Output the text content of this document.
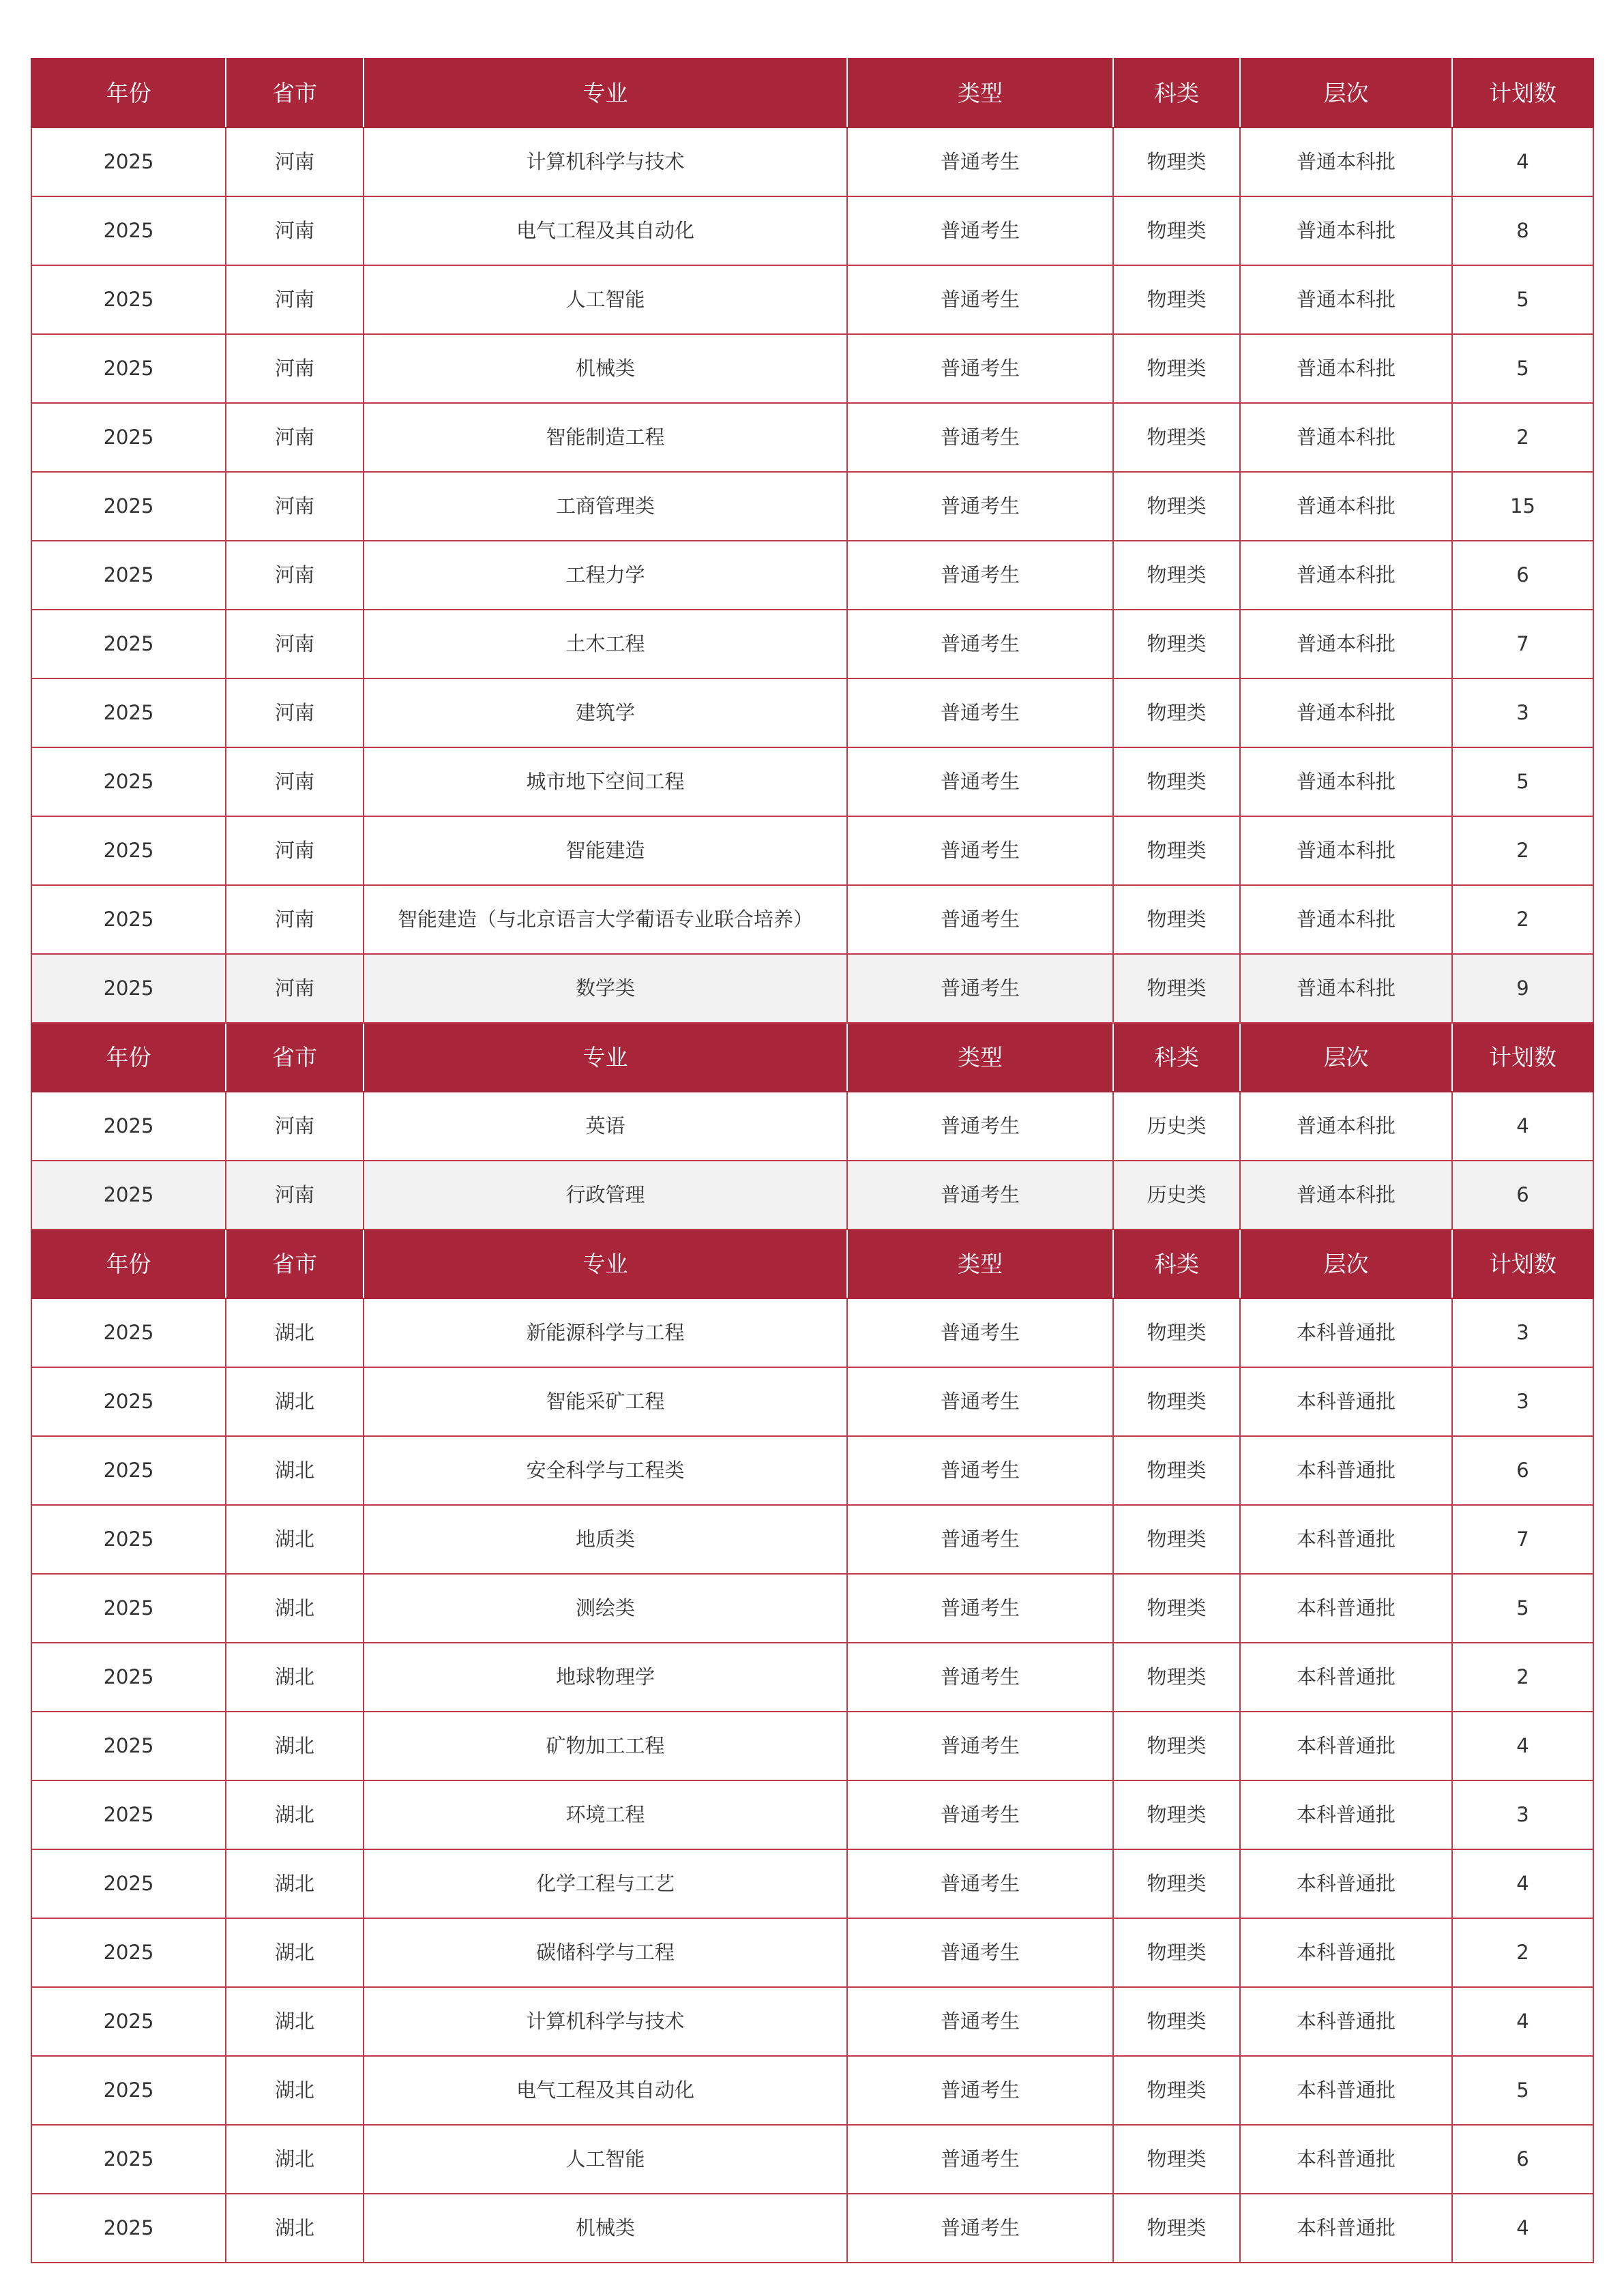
年份	省市	专业	类型	科类	层次	计划数
2025	河南	计算机科学与技术	普通考生	物理类	普通本科批	4
2025	河南	电气工程及其自动化	普通考生	物理类	普通本科批	8
2025	河南	人工智能	普通考生	物理类	普通本科批	5
2025	河南	机械类	普通考生	物理类	普通本科批	5
2025	河南	智能制造工程	普通考生	物理类	普通本科批	2
2025	河南	工商管理类	普通考生	物理类	普通本科批	15
2025	河南	工程力学	普通考生	物理类	普通本科批	6
2025	河南	土木工程	普通考生	物理类	普通本科批	7
2025	河南	建筑学	普通考生	物理类	普通本科批	3
2025	河南	城市地下空间工程	普通考生	物理类	普通本科批	5
2025	河南	智能建造	普通考生	物理类	普通本科批	2
2025	河南	智能建造（与北京语言大学葡语专业联合培养）	普通考生	物理类	普通本科批	2
2025	河南	数学类	普通考生	物理类	普通本科批	9
年份	省市	专业	类型	科类	层次	计划数
2025	河南	英语	普通考生	历史类	普通本科批	4
2025	河南	行政管理	普通考生	历史类	普通本科批	6
年份	省市	专业	类型	科类	层次	计划数
2025	湖北	新能源科学与工程	普通考生	物理类	本科普通批	3
2025	湖北	智能采矿工程	普通考生	物理类	本科普通批	3
2025	湖北	安全科学与工程类	普通考生	物理类	本科普通批	6
2025	湖北	地质类	普通考生	物理类	本科普通批	7
2025	湖北	测绘类	普通考生	物理类	本科普通批	5
2025	湖北	地球物理学	普通考生	物理类	本科普通批	2
2025	湖北	矿物加工工程	普通考生	物理类	本科普通批	4
2025	湖北	环境工程	普通考生	物理类	本科普通批	3
2025	湖北	化学工程与工艺	普通考生	物理类	本科普通批	4
2025	湖北	碳储科学与工程	普通考生	物理类	本科普通批	2
2025	湖北	计算机科学与技术	普通考生	物理类	本科普通批	4
2025	湖北	电气工程及其自动化	普通考生	物理类	本科普通批	5
2025	湖北	人工智能	普通考生	物理类	本科普通批	6
2025	湖北	机械类	普通考生	物理类	本科普通批	4
